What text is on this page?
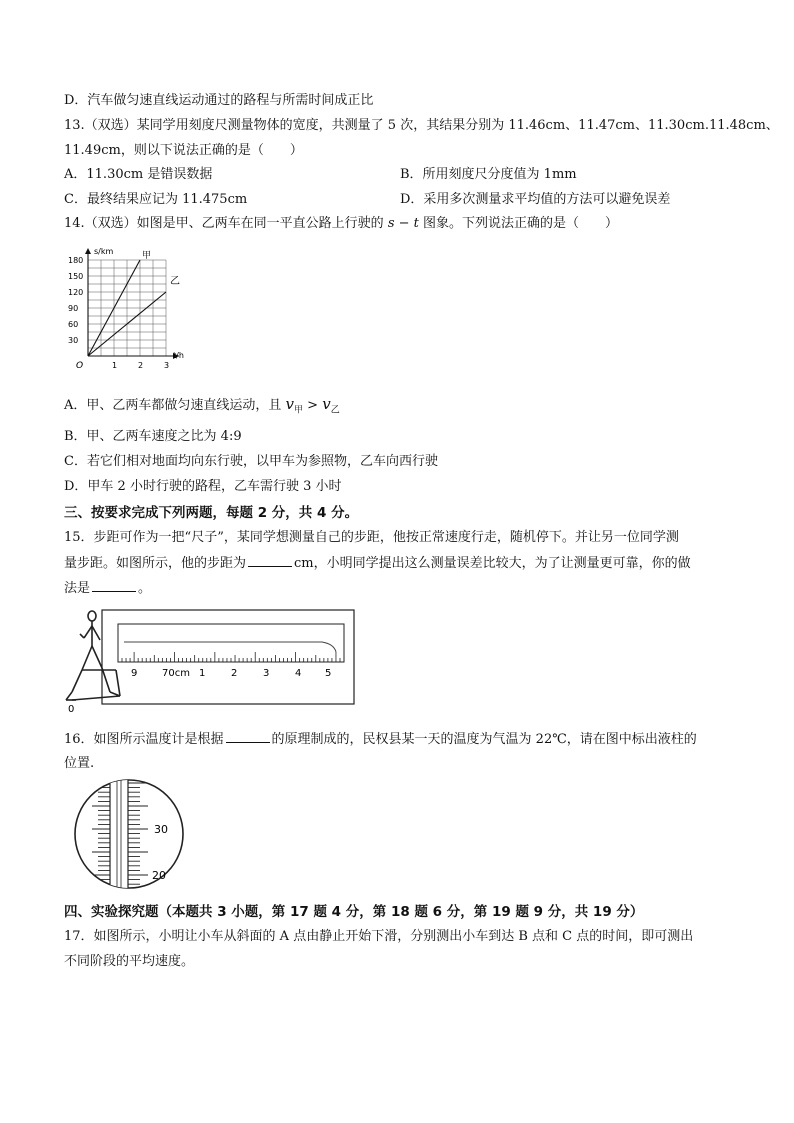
D．汽车做匀速直线运动通过的路程与所需时间成正比
13.（双选）某同学用刻度尺测量物体的宽度，共测量了 5 次，其结果分别为 11.46cm、11.47cm、11.30cm.11.48cm、
11.49cm，则以下说法正确的是（　　）
A．11.30cm 是错误数据	B．所用刻度尺分度值为 1mm
C．最终结果应记为 11.475cm	D．采用多次测量求平均值的方法可以避免误差
14.（双选）如图是甲、乙两车在同一平直公路上行驶的 s − t 图象。下列说法正确的是（　　）
s/km
t/h
O
180
150
120
90
60
30
1	2	3
甲
乙
A．甲、乙两车都做匀速直线运动，且 $v_甲 > v_乙$
B．甲、乙两车速度之比为 4:9
C．若它们相对地面均向东行驶，以甲车为参照物，乙车向西行驶
D．甲车 2 小时行驶的路程，乙车需行驶 3 小时
三、按要求完成下列两题，每题 2 分，共 4 分。
15．步距可作为一把“尺子”，某同学想测量自己的步距，他按正常速度行走，随机停下。并让另一位同学测
量步距。如图所示，他的步距为	cm，小明同学提出这么测量误差比较大，为了让测量更可靠，你的做
法是	。
0
9 70cm 1	2	3	4 5
16．如图所示温度计是根据	的原理制成的，民权县某一天的温度为气温为 22℃，请在图中标出液柱的
位置.
30
20
四、实验探究题（本题共 3 小题，第 17 题 4 分，第 18 题 6 分，第 19 题 9 分，共 19 分）
17．如图所示，小明让小车从斜面的 A 点由静止开始下滑，分别测出小车到达 B 点和 C 点的时间，即可测出
不同阶段的平均速度。
